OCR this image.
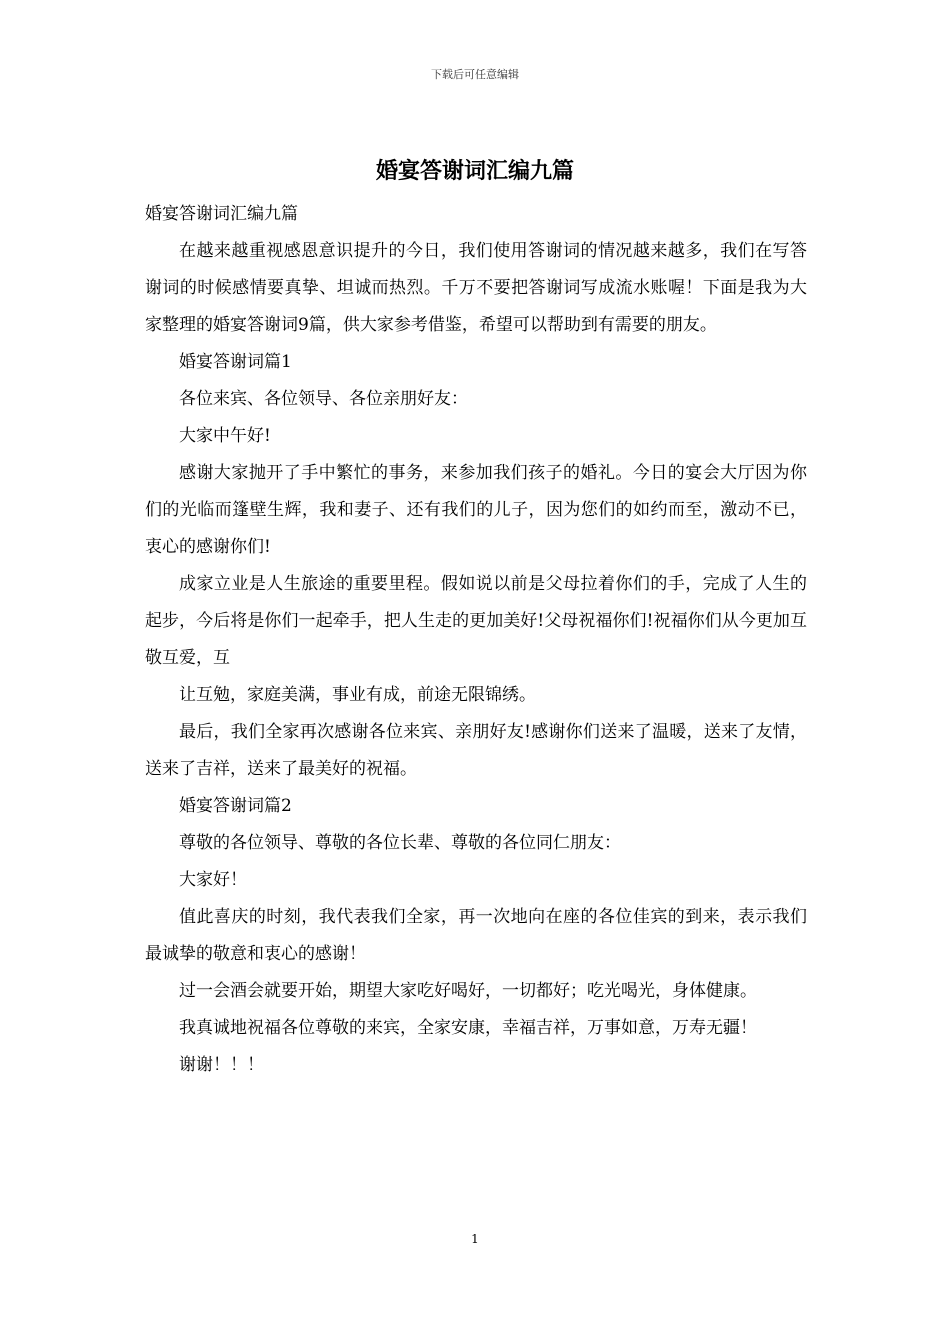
下载后可任意编辑
婚宴答谢词汇编九篇

婚宴答谢词汇编九篇

在越来越重视感恩意识提升的今日，我们使用答谢词的情况越来越多，我们在写答谢词的时候感情要真挚、坦诚而热烈。千万不要把答谢词写成流水账喔！下面是我为大家整理的婚宴答谢词9篇，供大家参考借鉴，希望可以帮助到有需要的朋友。

婚宴答谢词篇1

各位来宾、各位领导、各位亲朋好友：

大家中午好!

感谢大家抛开了手中繁忙的事务，来参加我们孩子的婚礼。今日的宴会大厅因为你们的光临而篷壁生辉，我和妻子、还有我们的儿子，因为您们的如约而至，激动不已，衷心的感谢你们!

成家立业是人生旅途的重要里程。假如说以前是父母拉着你们的手，完成了人生的起步，今后将是你们一起牵手，把人生走的更加美好!父母祝福你们!祝福你们从今更加互敬互爱，互

让互勉，家庭美满，事业有成，前途无限锦绣。

最后，我们全家再次感谢各位来宾、亲朋好友!感谢你们送来了温暖，送来了友情，送来了吉祥，送来了最美好的祝福。

婚宴答谢词篇2

尊敬的各位领导、尊敬的各位长辈、尊敬的各位同仁朋友：

大家好！

值此喜庆的时刻，我代表我们全家，再一次地向在座的各位佳宾的到来，表示我们最诚挚的敬意和衷心的感谢！

过一会酒会就要开始，期望大家吃好喝好，一切都好；吃光喝光，身体健康。

我真诚地祝福各位尊敬的来宾，全家安康，幸福吉祥，万事如意，万寿无疆！

谢谢！！！

1
